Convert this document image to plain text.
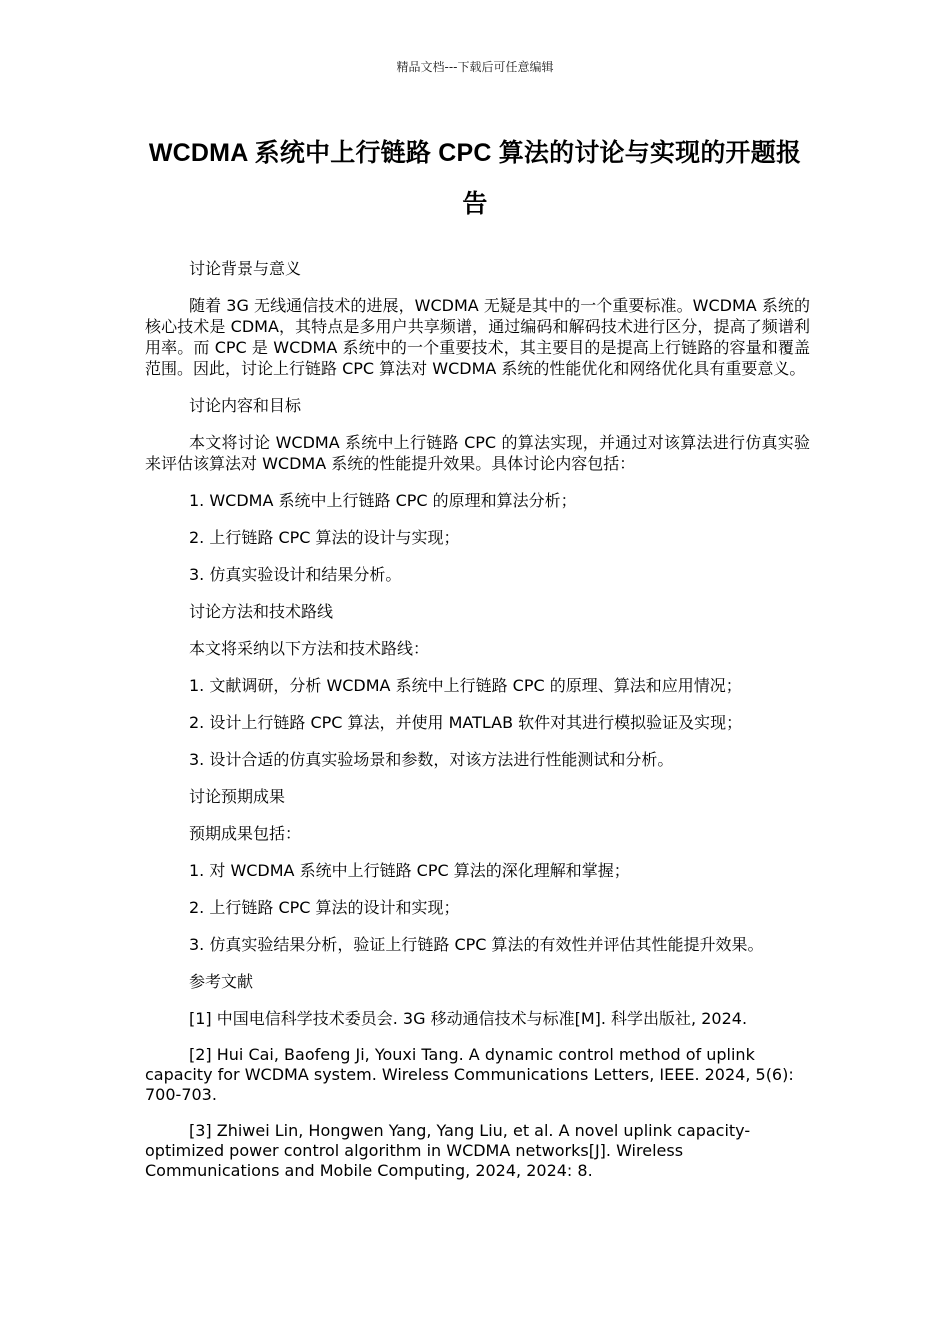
精品文档---下载后可任意编辑
WCDMA 系统中上行链路 CPC 算法的讨论与实现的开题报告

讨论背景与意义

随着 3G 无线通信技术的进展，WCDMA 无疑是其中的一个重要标准。WCDMA 系统的核心技术是 CDMA，其特点是多用户共享频谱，通过编码和解码技术进行区分，提高了频谱利用率。而 CPC 是 WCDMA 系统中的一个重要技术，其主要目的是提高上行链路的容量和覆盖范围。因此，讨论上行链路 CPC 算法对 WCDMA 系统的性能优化和网络优化具有重要意义。

讨论内容和目标

本文将讨论 WCDMA 系统中上行链路 CPC 的算法实现，并通过对该算法进行仿真实验来评估该算法对 WCDMA 系统的性能提升效果。具体讨论内容包括：

1. WCDMA 系统中上行链路 CPC 的原理和算法分析；

2. 上行链路 CPC 算法的设计与实现；

3. 仿真实验设计和结果分析。

讨论方法和技术路线

本文将采纳以下方法和技术路线：

1. 文献调研，分析 WCDMA 系统中上行链路 CPC 的原理、算法和应用情况；

2. 设计上行链路 CPC 算法，并使用 MATLAB 软件对其进行模拟验证及实现；

3. 设计合适的仿真实验场景和参数，对该方法进行性能测试和分析。

讨论预期成果

预期成果包括：

1. 对 WCDMA 系统中上行链路 CPC 算法的深化理解和掌握；

2. 上行链路 CPC 算法的设计和实现；

3. 仿真实验结果分析，验证上行链路 CPC 算法的有效性并评估其性能提升效果。

参考文献

[1] 中国电信科学技术委员会. 3G 移动通信技术与标准[M]. 科学出版社, 2024.

[2] Hui Cai, Baofeng Ji, Youxi Tang. A dynamic control method of uplink capacity for WCDMA system. Wireless Communications Letters, IEEE. 2024, 5(6): 700-703.

[3] Zhiwei Lin, Hongwen Yang, Yang Liu, et al. A novel uplink capacity-optimized power control algorithm in WCDMA networks[J]. Wireless Communications and Mobile Computing, 2024, 2024: 8.
